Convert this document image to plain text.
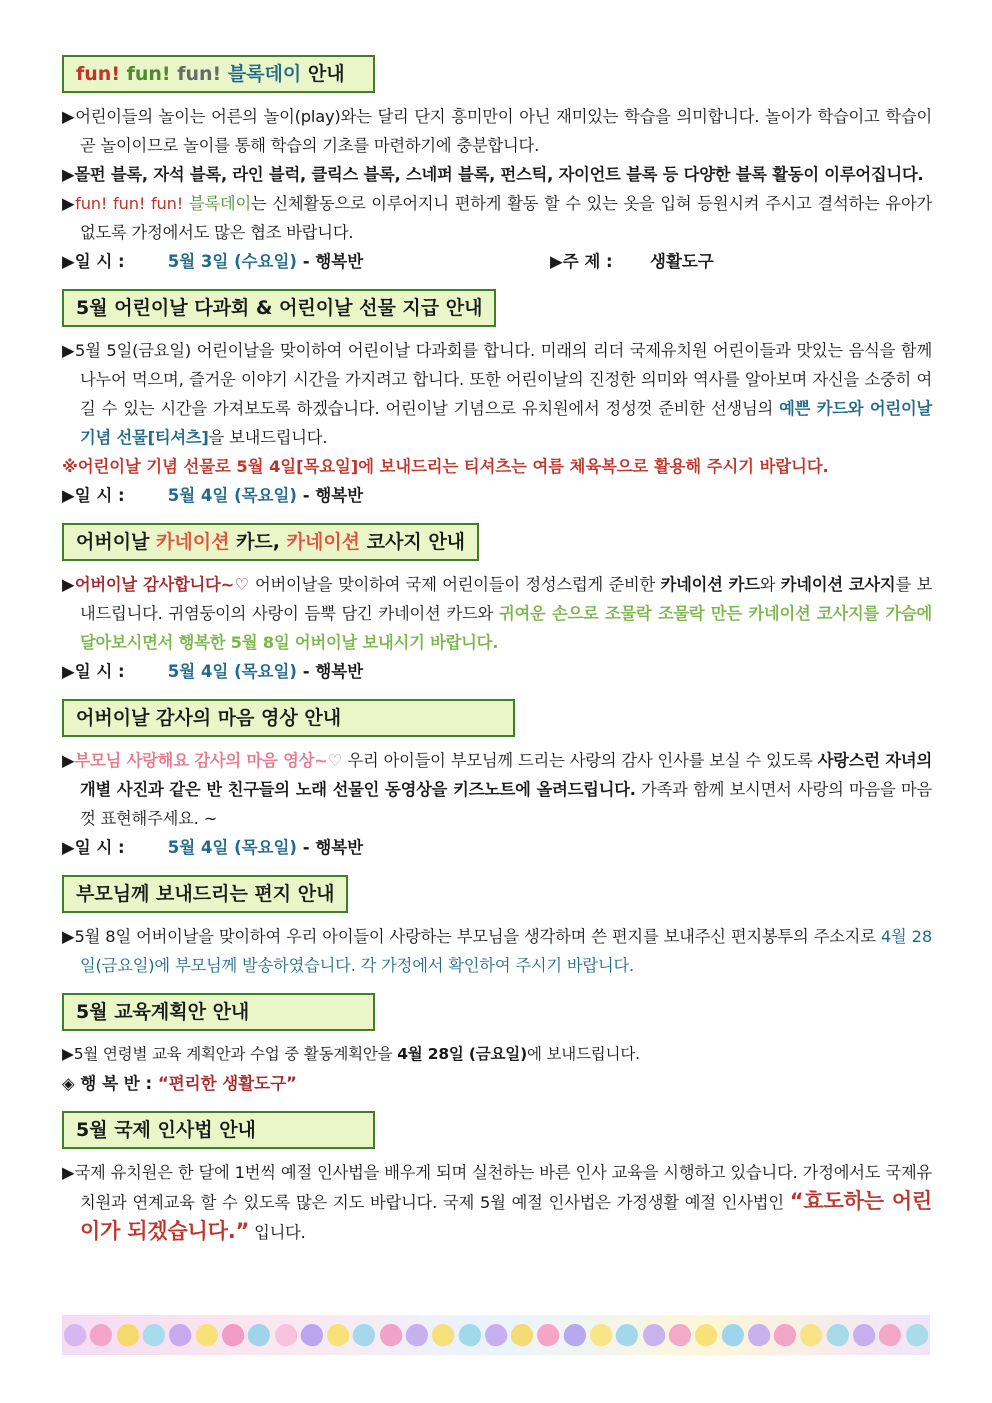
fun! fun! fun! 블록데이 안내

▶어린이들의 놀이는 어른의 놀이(play)와는 달리 단지 흥미만이 아닌 재미있는 학습을 의미합니다. 놀이가 학습이고 학습이 곧 놀이이므로 놀이를 통해 학습의 기초를 마련하기에 충분합니다.

▶몰펀 블록, 자석 블록, 라인 블럭, 클릭스 블록, 스네퍼 블록, 펀스틱, 자이언트 블록 등 다양한 블록 활동이 이루어집니다.

▶fun! fun! fun! 블록데이는 신체활동으로 이루어지니 편하게 활동 할 수 있는 옷을 입혀 등원시켜 주시고 결석하는 유아가 없도록 가정에서도 많은 협조 바랍니다.

▶일 시 :	5월 3일 (수요일) - 행복반	▶주 제 : 생활도구
5월 어린이날 다과회 & 어린이날 선물 지급 안내

▶5월 5일(금요일) 어린이날을 맞이하여 어린이날 다과회를 합니다. 미래의 리더 국제유치원 어린이들과 맛있는 음식을 함께 나누어 먹으며, 즐거운 이야기 시간을 가지려고 합니다. 또한 어린이날의 진정한 의미와 역사를 알아보며 자신을 소중히 여길 수 있는 시간을 가져보도록 하겠습니다. 어린이날 기념으로 유치원에서 정성껏 준비한 선생님의 예쁜 카드와 어린이날 기념 선물[티셔츠]을 보내드립니다.

※어린이날 기념 선물로 5월 4일[목요일]에 보내드리는 티셔츠는 여름 체육복으로 활용해 주시기 바랍니다.

▶일 시 :	5월 4일 (목요일) - 행복반
어버이날 카네이션 카드, 카네이션 코사지 안내

▶어버이날 감사합니다~♡ 어버이날을 맞이하여 국제 어린이들이 정성스럽게 준비한 카네이션 카드와 카네이션 코사지를 보내드립니다. 귀염둥이의 사랑이 듬뿍 담긴 카네이션 카드와 귀여운 손으로 조물락 조물락 만든 카네이션 코사지를 가슴에 달아보시면서 행복한 5월 8일 어버이날 보내시기 바랍니다.

▶일 시 :	5월 4일 (목요일) - 행복반
어버이날 감사의 마음 영상 안내

▶부모님 사랑해요 감사의 마음 영상~♡ 우리 아이들이 부모님께 드리는 사랑의 감사 인사를 보실 수 있도록 사랑스런 자녀의 개별 사진과 같은 반 친구들의 노래 선물인 동영상을 키즈노트에 올려드립니다. 가족과 함께 보시면서 사랑의 마음을 마음껏 표현해주세요. ~

▶일 시 :	5월 4일 (목요일) - 행복반
부모님께 보내드리는 편지 안내

▶5월 8일 어버이날을 맞이하여 우리 아이들이 사랑하는 부모님을 생각하며 쓴 편지를 보내주신 편지봉투의 주소지로 4월 28일(금요일)에 부모님께 발송하였습니다. 각 가정에서 확인하여 주시기 바랍니다.

5월 교육계획안 안내

▶5월 연령별 교육 계획안과 수업 중 활동계획안을 4월 28일 (금요일)에 보내드립니다.

◈ 행 복 반 : “편리한 생활도구”
5월 국제 인사법 안내

▶국제 유치원은 한 달에 1번씩 예절 인사법을 배우게 되며 실천하는 바른 인사 교육을 시행하고 있습니다. 가정에서도 국제유치원과 연계교육 할 수 있도록 많은 지도 바랍니다. 국제 5월 예절 인사법은 가정생활 예절 인사법인 “효도하는 어린이가 되겠습니다.” 입니다.
